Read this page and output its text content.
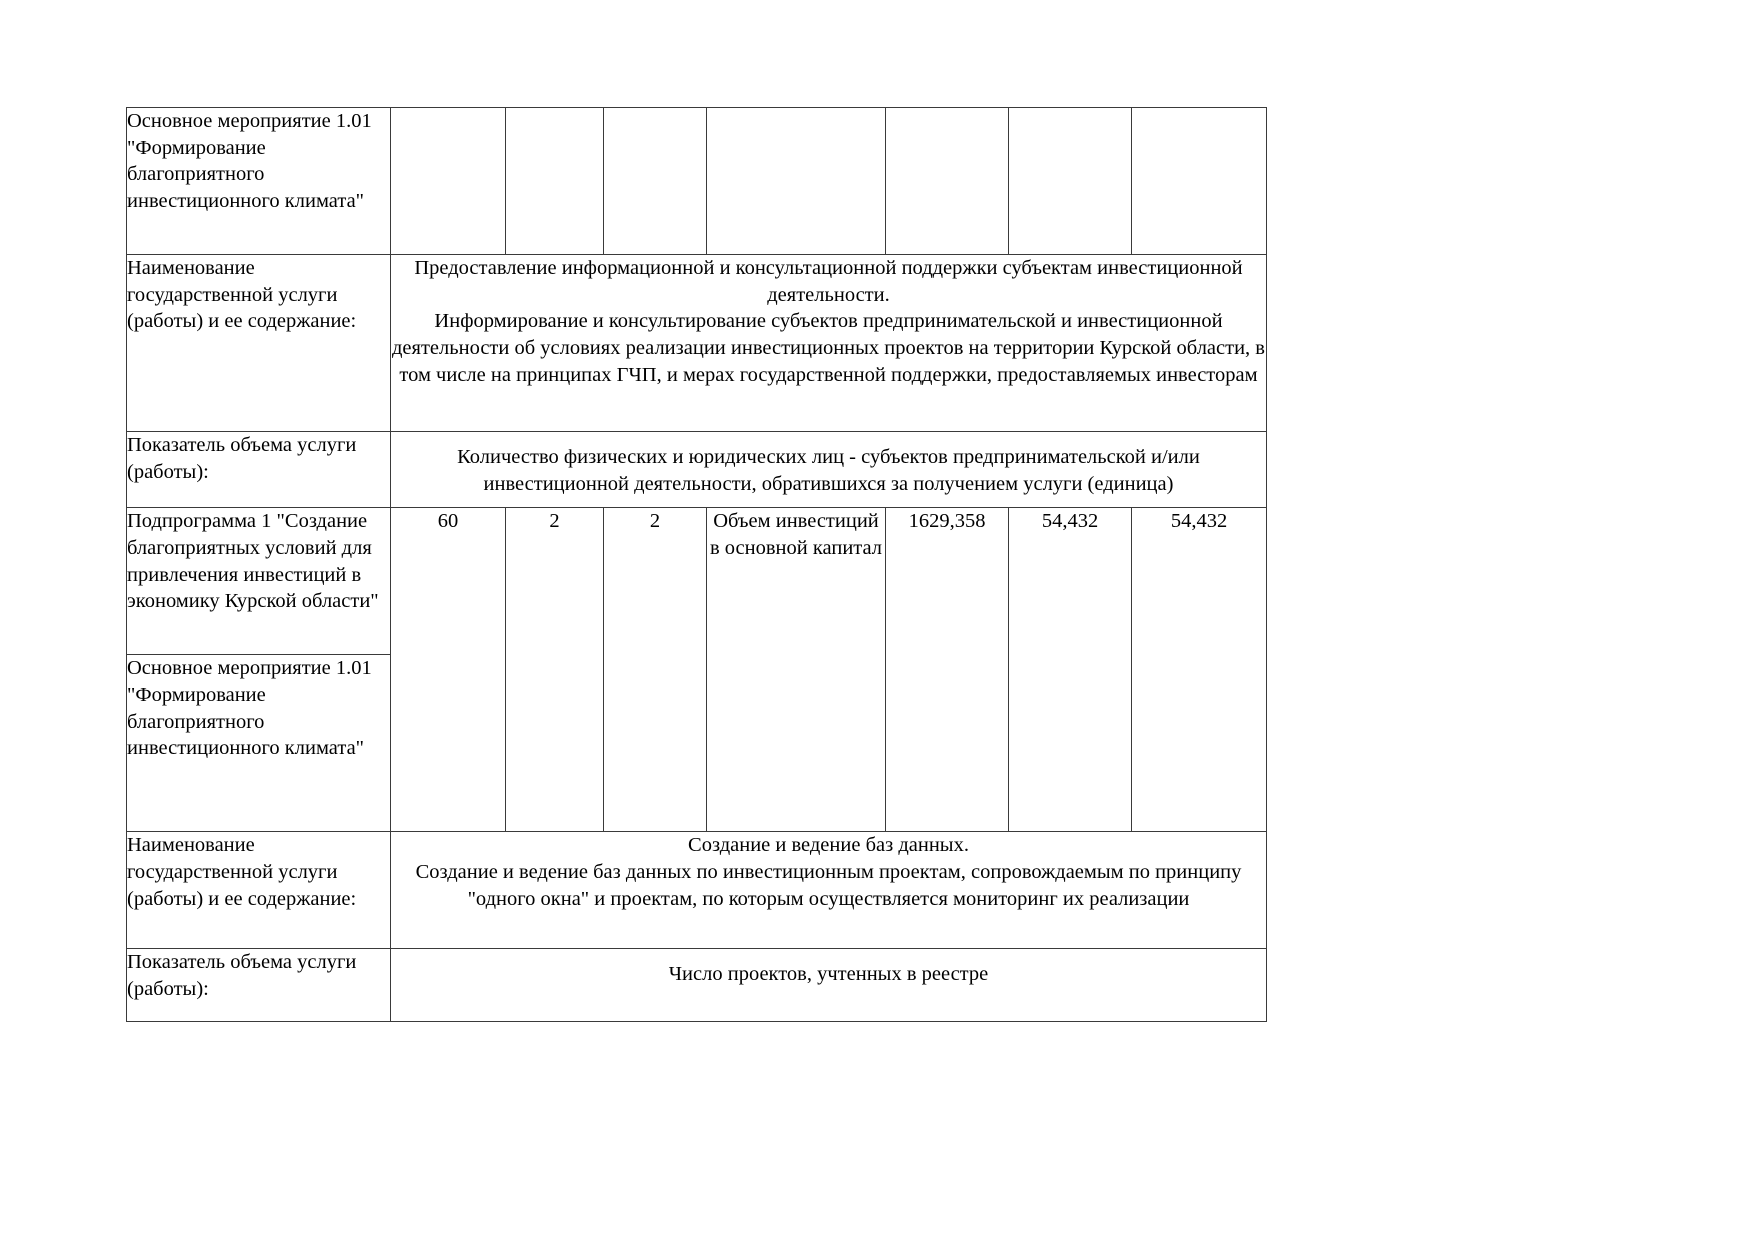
Основное мероприятие 1.01 "Формирование благоприятного инвестиционного климата"							
Наименование государственной услуги (работы) и ее содержание:	Предоставление информационной и консультационной поддержки субъектам инвестиционной деятельности.

Информирование и консультирование субъектов предпринимательской и инвестиционной деятельности об условиях реализации инвестиционных проектов на территории Курской области, в том числе на принципах ГЧП, и мерах государственной поддержки, предоставляемых инвесторам						

Показатель объема услуги (работы):	Количество физических и юридических лиц - субъектов предпринимательской и/или инвестиционной деятельности, обратившихся за получением услуги (единица)						

Подпрограмма 1 "Создание благоприятных условий для привлечения инвестиций в экономику Курской области"	60	2	2	Объем инвестиций в основной капитал	1629,358	54,432	54,432
Основное мероприятие 1.01 "Формирование благоприятного инвестиционного климата"							
Наименование государственной услуги (работы) и ее содержание:	Создание и ведение баз данных.

Создание и ведение баз данных по инвестиционным проектам, сопровождаемым по принципу "одного окна" и проектам, по которым осуществляется мониторинг их реализации						

Показатель объема услуги (работы):	Число проектов, учтенных в реестре						
